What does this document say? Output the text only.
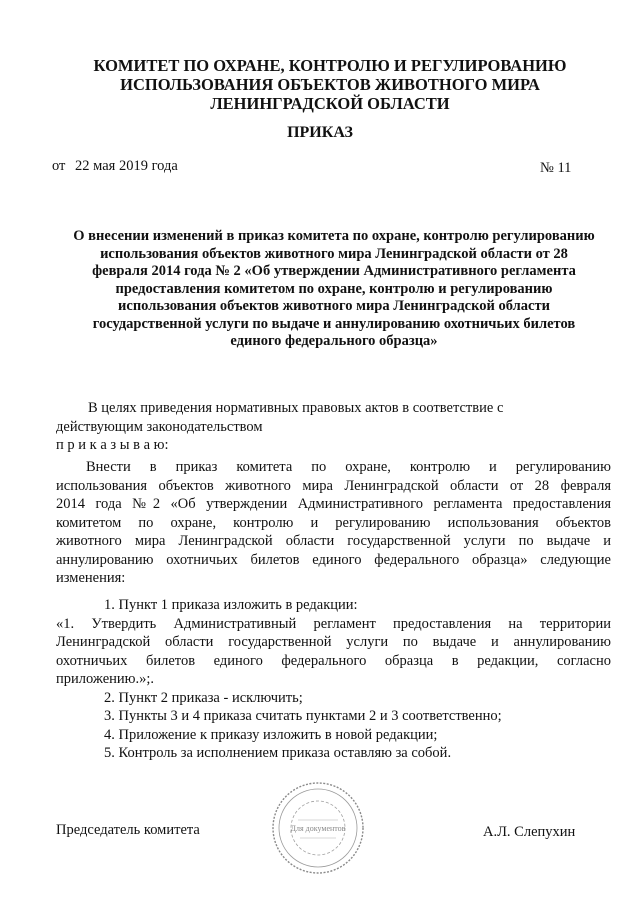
КОМИТЕТ ПО ОХРАНЕ, КОНТРОЛЮ И РЕГУЛИРОВАНИЮ
ИСПОЛЬЗОВАНИЯ ОБЪЕКТОВ ЖИВОТНОГО МИРА
ЛЕНИНГРАДСКОЙ ОБЛАСТИ
ПРИКАЗ
от 22 мая 2019 года	№ 11
О внесении изменений в приказ комитета по охране, контролю регулированию
использования объектов животного мира Ленинградской области от 28
февраля 2014 года № 2 «Об утверждении Административного регламента
предоставления комитетом по охране, контролю и регулированию
использования объектов животного мира Ленинградской области
государственной услуги по выдаче и аннулированию охотничьих билетов
единого федерального образца»
В целях приведения нормативных правовых актов в соответствие с
действующим законодательством
п р и к а з ы в а ю:
Внести в приказ комитета по охране, контролю и регулированию
использования объектов животного мира Ленинградской области от 28 февраля
2014 года №2 «Об утверждении Административного регламента предоставления
комитетом по охране, контролю и регулированию использования объектов
животного мира Ленинградской области государственной услуги по выдаче и
аннулированию охотничьих билетов единого федерального образца» следующие
изменения:
1. Пункт 1 приказа изложить в редакции:
«1. Утвердить Административный регламент предоставления на территории
Ленинградской области государственной услуги по выдаче и аннулированию
охотничьих билетов единого федерального образца в редакции, согласно
приложению.»;.
2. Пункт 2 приказа - исключить;
3. Пункты 3 и 4 приказа считать пунктами 2 и 3 соответственно;
4. Приложение к приказу изложить в новой редакции;
5. Контроль за исполнением приказа оставляю за собой.
Председатель комитета	Для документов	А.Л. Слепухин
